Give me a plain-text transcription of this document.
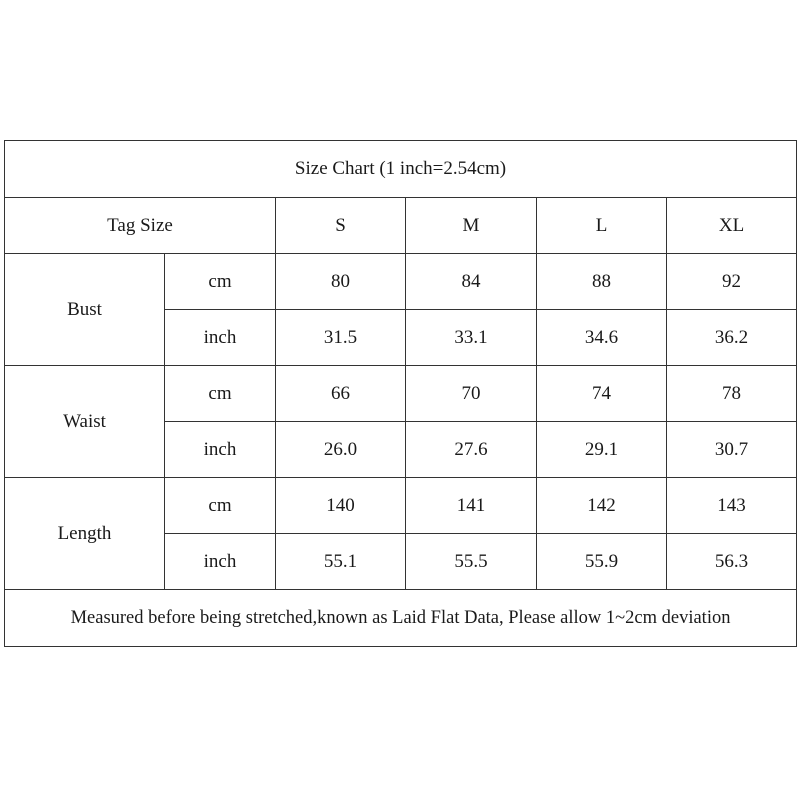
Size Chart (1 inch=2.54cm)					
Tag Size		S	M	L	XL
Bust	cm	80	84	88	92
	inch	31.5	33.1	34.6	36.2
Waist	cm	66	70	74	78
	inch	26.0	27.6	29.1	30.7
Length	cm	140	141	142	143
	inch	55.1	55.5	55.9	56.3
Measured before being stretched,known as Laid Flat Data, Please allow 1~2cm deviation					
